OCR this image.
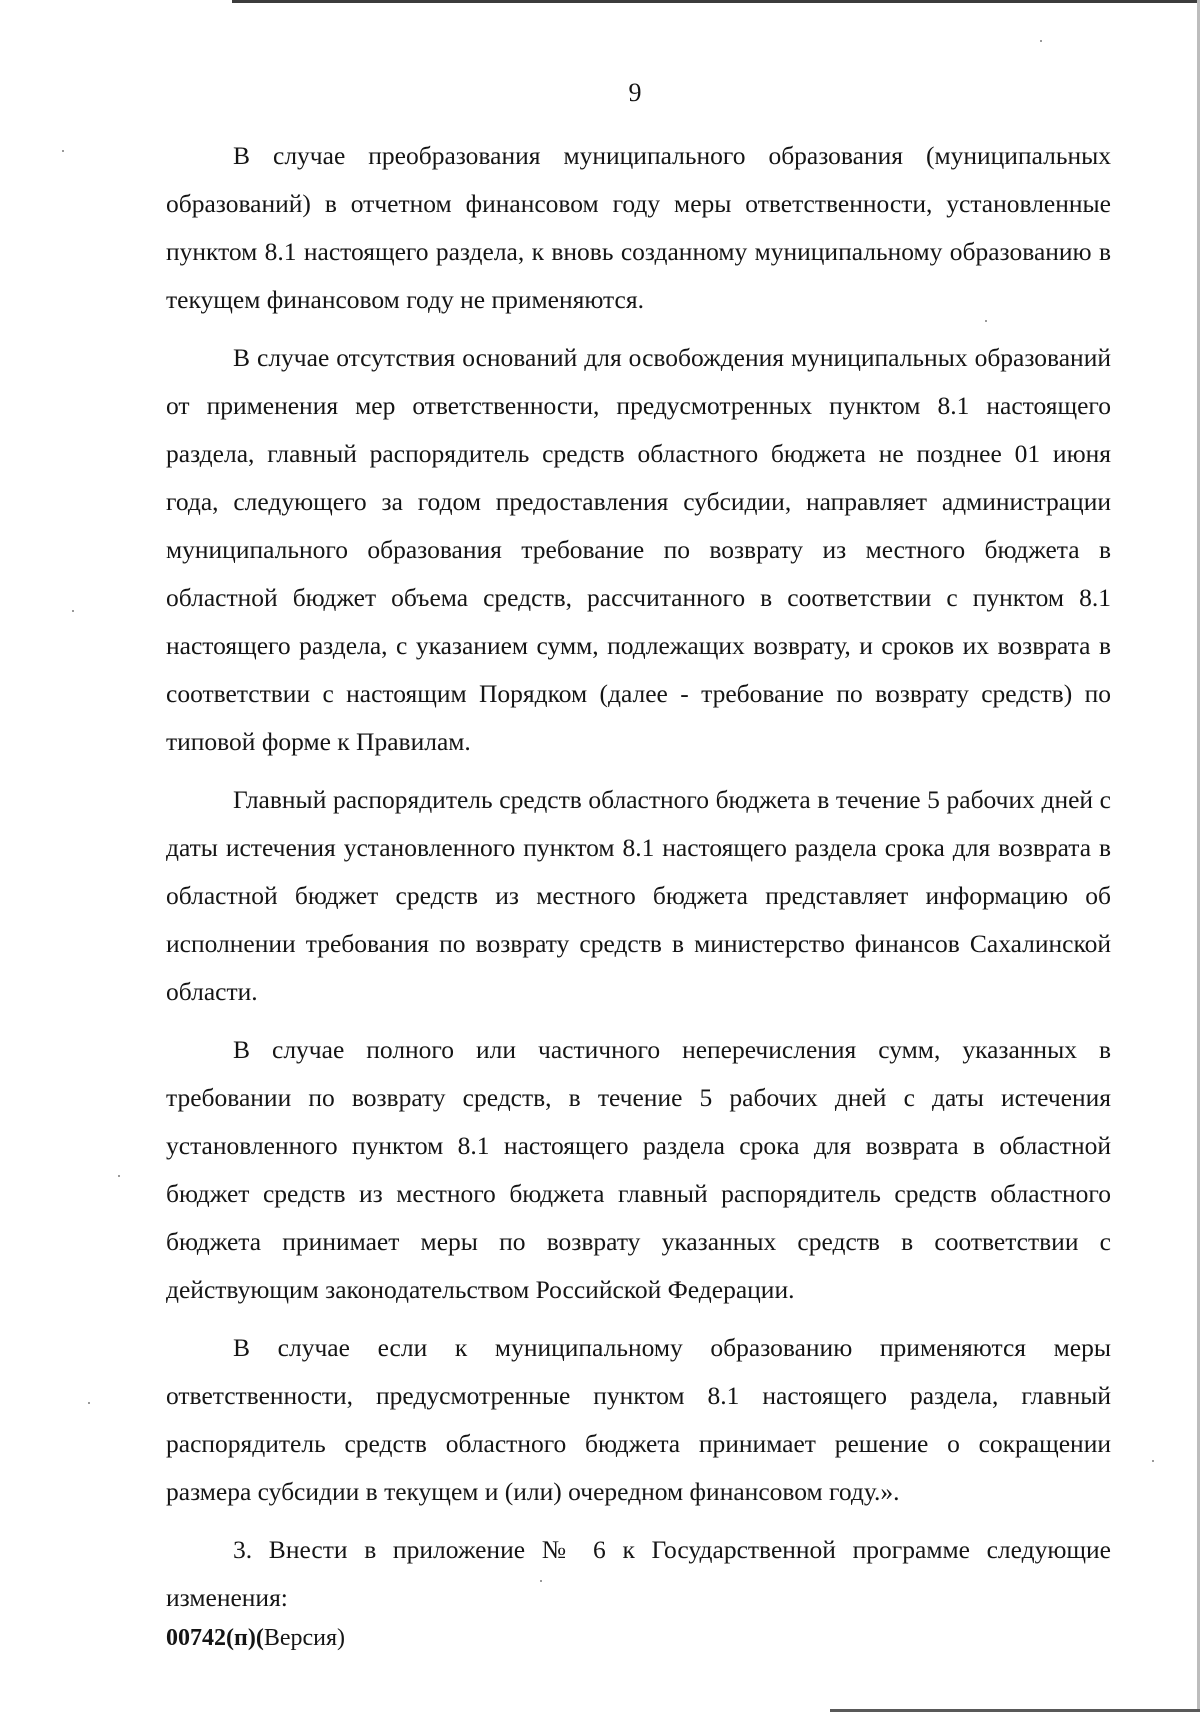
9

В случае преобразования муниципального образования (муниципальных образований) в отчетном финансовом году меры ответственности, установленные пунктом 8.1 настоящего раздела, к вновь созданному муниципальному образованию в текущем финансовом году не применяются.

В случае отсутствия оснований для освобождения муниципальных образований от применения мер ответственности, предусмотренных пунктом 8.1 настоящего раздела, главный распорядитель средств областного бюджета не позднее 01 июня года, следующего за годом предоставления субсидии, направляет администрации муниципального образования требование по возврату из местного бюджета в областной бюджет объема средств, рассчитанного в соответствии с пунктом 8.1 настоящего раздела, с указанием сумм, подлежащих возврату, и сроков их возврата в соответствии с настоящим Порядком (далее - требование по возврату средств) по типовой форме к Правилам.

Главный распорядитель средств областного бюджета в течение 5 рабочих дней с даты истечения установленного пунктом 8.1 настоящего раздела срока для возврата в областной бюджет средств из местного бюджета представляет информацию об исполнении требования по возврату средств в министерство финансов Сахалинской области.

В случае полного или частичного неперечисления сумм, указанных в требовании по возврату средств, в течение 5 рабочих дней с даты истечения установленного пунктом 8.1 настоящего раздела срока для возврата в областной бюджет средств из местного бюджета главный распорядитель средств областного бюджета принимает меры по возврату указанных средств в соответствии с действующим законодательством Российской Федерации.

В случае если к муниципальному образованию применяются меры ответственности, предусмотренные пунктом 8.1 настоящего раздела, главный распорядитель средств областного бюджета принимает решение о сокращении размера субсидии в текущем и (или) очередном финансовом году.».

3. Внести в приложение № 6 к Государственной программе следующие изменения:

00742(п)(Версия)
